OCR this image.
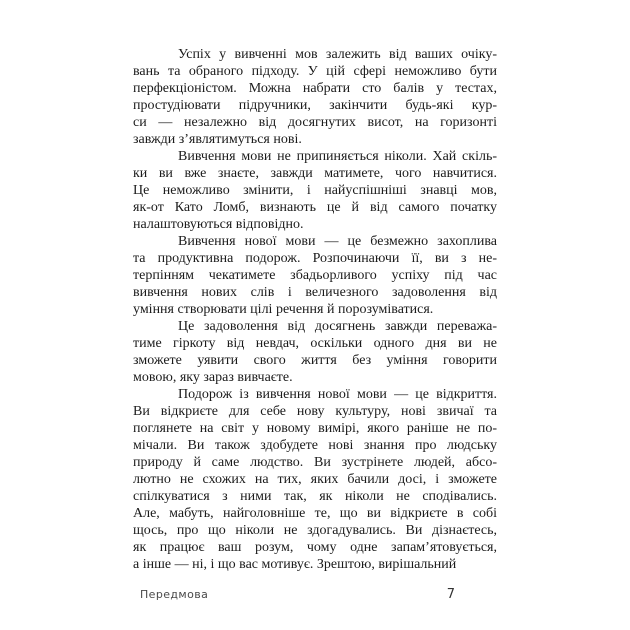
Успіх у вивченні мов залежить від ваших очіку-
вань та обраного підходу. У цій сфері неможливо бути
перфекціоністом. Можна набрати сто балів у тестах,
простудіювати підручники, закінчити будь-які кур-
си — незалежно від досягнутих висот, на горизонті
завжди з’являтимуться нові.
Вивчення мови не припиняється ніколи. Хай скіль-
ки ви вже знаєте, завжди матимете, чого навчитися.
Це неможливо змінити, і найуспішніші знавці мов,
як-от Като Ломб, визнають це й від самого початку
налаштовуються відповідно.
Вивчення нової мови — це безмежно захоплива
та продуктивна подорож. Розпочинаючи її, ви з не-
терпінням чекатимете збадьорливого успіху під час
вивчення нових слів і величезного задоволення від
уміння створювати цілі речення й порозуміватися.
Це задоволення від досягнень завжди переважа-
тиме гіркоту від невдач, оскільки одного дня ви не
зможете уявити свого життя без уміння говорити
мовою, яку зараз вивчаєте.
Подорож із вивчення нової мови — це відкриття.
Ви відкриєте для себе нову культуру, нові звичаї та
поглянете на світ у новому вимірі, якого раніше не по-
мічали. Ви також здобудете нові знання про людську
природу й саме людство. Ви зустрінете людей, абсо-
лютно не схожих на тих, яких бачили досі, і зможете
спілкуватися з ними так, як ніколи не сподівались.
Але, мабуть, найголовніше те, що ви відкриєте в собі
щось, про що ніколи не здогадувались. Ви дізнаєтесь,
як працює ваш розум, чому одне запам’ятовується,
а інше — ні, і що вас мотивує. Зрештою, вирішальний
Передмова	7
